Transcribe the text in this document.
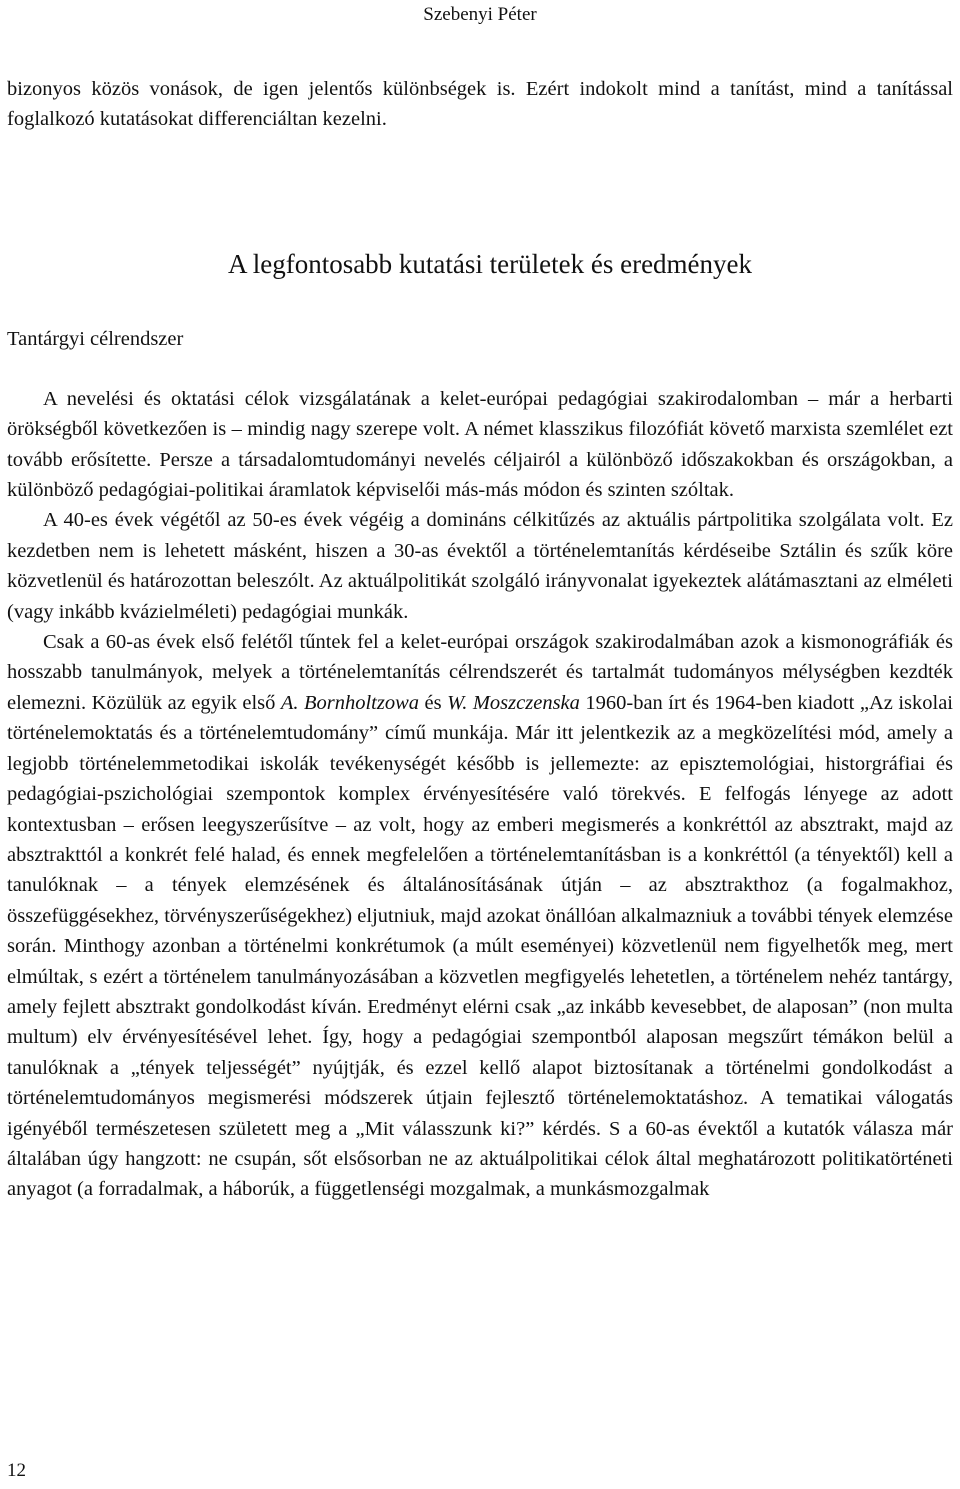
Szebenyi Péter

bizonyos közös vonások, de igen jelentős különbségek is. Ezért indokolt mind a tanítást, mind a tanítással foglalkozó kutatásokat differenciáltan kezelni.

A legfontosabb kutatási területek és eredmények
Tantárgyi célrendszer

A nevelési és oktatási célok vizsgálatának a kelet-európai pedagógiai szakirodalomban – már a herbarti örökségből következően is – mindig nagy szerepe volt. A német klasszikus filozófiát követő marxista szemlélet ezt tovább erősítette. Persze a társadalomtudományi nevelés céljairól a különböző időszakokban és országokban, a különböző pedagógiai-politikai áramlatok képviselői más-más módon és szinten szóltak.

A 40-es évek végétől az 50-es évek végéig a domináns célkitűzés az aktuális pártpolitika szolgálata volt. Ez kezdetben nem is lehetett másként, hiszen a 30-as évektől a történelemtanítás kérdéseibe Sztálin és szűk köre közvetlenül és határozottan beleszólt. Az aktuálpolitikát szolgáló irányvonalat igyekeztek alátámasztani az elméleti (vagy inkább kvázielméleti) pedagógiai munkák.

Csak a 60-as évek első felétől tűntek fel a kelet-európai országok szakirodalmában azok a kismonográfiák és hosszabb tanulmányok, melyek a történelemtanítás célrendszerét és tartalmát tudományos mélységben kezdték elemezni. Közülük az egyik első A. Bornholtzowa és W. Moszczenska 1960-ban írt és 1964-ben kiadott „Az iskolai történelemoktatás és a történelemtudomány” című munkája. Már itt jelentkezik az a megközelítési mód, amely a legjobb történelemmetodikai iskolák tevékenységét később is jellemezte: az episztemológiai, historgráfiai és pedagógiai-pszichológiai szempontok komplex érvényesítésére való törekvés. E felfogás lényege az adott kontextusban – erősen leegyszerűsítve – az volt, hogy az emberi megismerés a konkréttól az absztrakt, majd az absztrakttól a konkrét felé halad, és ennek megfelelően a történelemtanításban is a konkréttól (a tényektől) kell a tanulóknak – a tények elemzésének és általánosításának útján – az absztrakthoz (a fogalmakhoz, összefüggésekhez, törvényszerűségekhez) eljutniuk, majd azokat önállóan alkalmazniuk a további tények elemzése során. Minthogy azonban a történelmi konkrétumok (a múlt eseményei) közvetlenül nem figyelhetők meg, mert elmúltak, s ezért a történelem tanulmányozásában a közvetlen megfigyelés lehetetlen, a történelem nehéz tantárgy, amely fejlett absztrakt gondolkodást kíván. Eredményt elérni csak „az inkább kevesebbet, de alaposan” (non multa multum) elv érvényesítésével lehet. Ígу, hogy a pedagógiai szempontból alaposan megszűrt témákon belül a tanulóknak a „tények teljességét” nyújtják, és ezzel kellő alapot biztosítanak a történelmi gondolkodást a történelemtudományos megismerési módszerek útjain fejlesztő történelemoktatáshoz. A tematikai válogatás igényéből természetesen született meg a „Mit válasszunk ki?” kérdés. S a 60-as évektől a kutatók válasza már általában úgy hangzott: ne csupán, sőt elsősorban ne az aktuálpolitikai célok által meghatározott politikatörténeti anyagot (a forradalmak, a háborúk, a függetlenségi mozgalmak, a munkásmozgalmak

12
